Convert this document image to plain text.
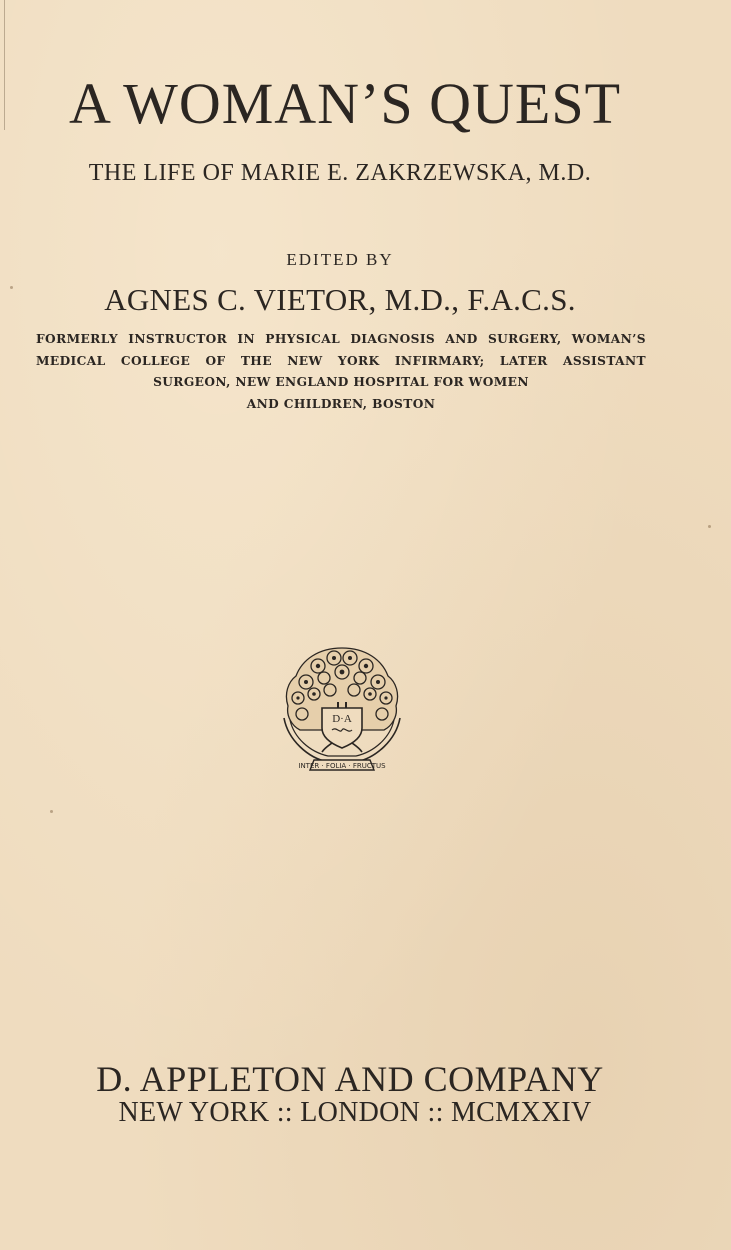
A WOMAN’S QUEST
THE LIFE OF MARIE E. ZAKRZEWSKA, M.D.
EDITED BY
AGNES C. VIETOR, M.D., F.A.C.S.
FORMERLY INSTRUCTOR IN PHYSICAL DIAGNOSIS AND SURGERY, WOMAN’S
MEDICAL COLLEGE OF THE NEW YORK INFIRMARY; LATER ASSISTANT
SURGEON, NEW ENGLAND HOSPITAL FOR WOMEN
AND CHILDREN, BOSTON
D·A
INTER · FOLIA · FRUCTUS
D. APPLETON AND COMPANY
NEW YORK :: LONDON :: MCMXXIV
